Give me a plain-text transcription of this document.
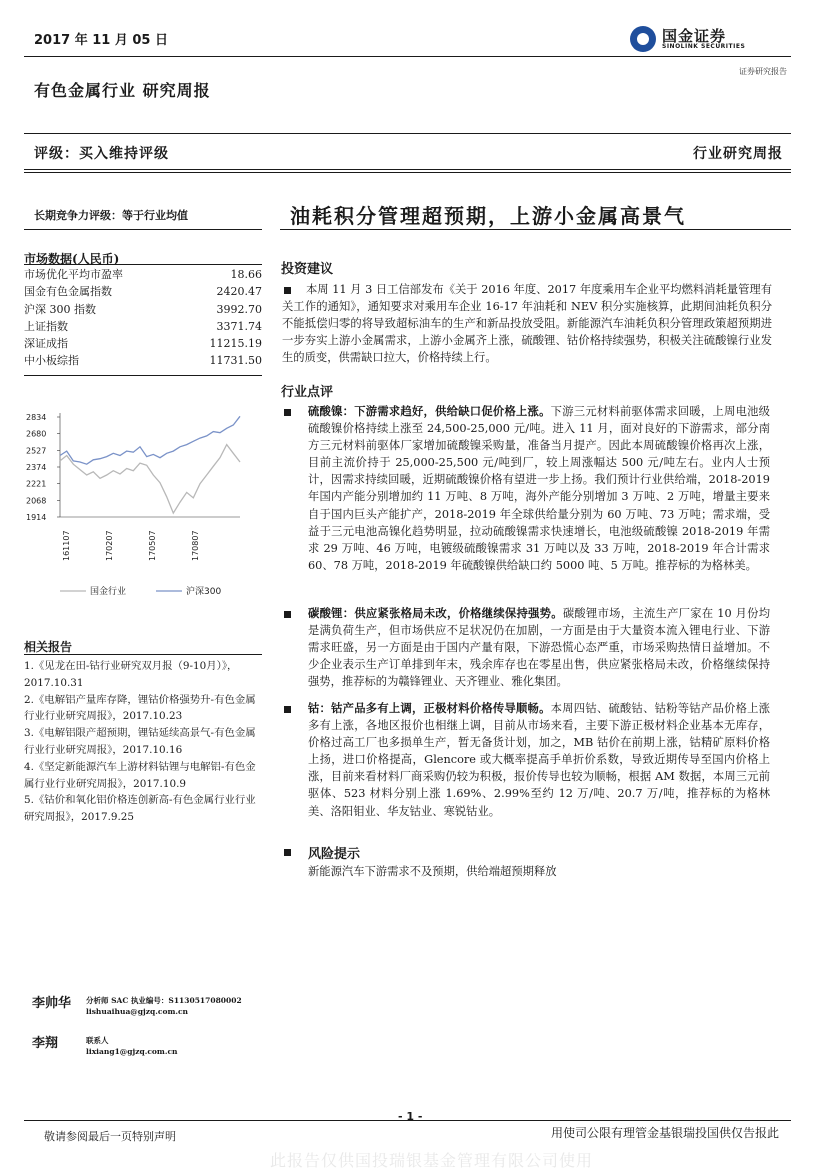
2017 年 11 月 05 日	国金证券
SINOLINK SECURITIES
证券研究报告
有色金属行业 研究周报
评级：买入维持评级	行业研究周报
长期竞争力评级：等于行业均值
市场数据(人民币)
市场优化平均市盈率	18.66
国金有色金属指数	2420.47
沪深 300 指数	3992.70
上证指数	3371.74
深证成指	11215.19
中小板综指	11731.50
2834
2680
2527
2374
2221
2068
1914
161107	170207	170507	170807
国金行业	沪深300
相关报告
1.《见龙在田-钴行业研究双月报（9-10月）》，2017.10.31
2.《电解铝产量库存降，锂钴价格强势升-有色金属行业行业研究周报》，2017.10.23
3.《电解铝限产超预期，锂钴延续高景气-有色金属行业行业研究周报》，2017.10.16
4.《坚定新能源汽车上游材料钴锂与电解铝-有色金属行业行业研究周报》，2017.10.9
5.《钴价和氧化铝价格连创新高-有色金属行业行业研究周报》，2017.9.25
油耗积分管理超预期，上游小金属高景气
投资建议
本周 11 月 3 日工信部发布《关于 2016 年度、2017 年度乘用车企业平均燃料消耗量管理有关工作的通知》，通知要求对乘用车企业 16-17 年油耗和 NEV 积分实施核算，此期间油耗负积分不能抵偿归零的将导致超标油车的生产和新品投放受阻。新能源汽车油耗负积分管理政策超预期进一步夯实上游小金属需求，上游小金属齐上涨，硫酸锂、钴价格持续强势，积极关注硫酸镍行业发生的质变，供需缺口拉大，价格持续上行。
行业点评
硫酸镍：下游需求趋好，供给缺口促价格上涨。下游三元材料前驱体需求回暖，上周电池级硫酸镍价格持续上涨至 24,500-25,000 元/吨。进入 11 月，面对良好的下游需求，部分南方三元材料前驱体厂家增加硫酸镍采购量，准备当月提产。因此本周硫酸镍价格再次上涨，目前主流价持于 25,000-25,500 元/吨到厂，较上周涨幅达 500 元/吨左右。业内人士预计，因需求持续回暖，近期硫酸镍价格有望进一步上扬。我们预计行业供给端，2018-2019 年国内产能分别增加约 11 万吨、8 万吨，海外产能分别增加 3 万吨、2 万吨，增量主要来自于国内巨头产能扩产，2018-2019 年全球供给量分别为 60 万吨、73 万吨；需求端，受益于三元电池高镍化趋势明显，拉动硫酸镍需求快速增长，电池级硫酸镍 2018-2019 年需求 29 万吨、46 万吨，电镀级硫酸镍需求 31 万吨以及 33 万吨，2018-2019 年合计需求 60、78 万吨，2018-2019 年硫酸镍供给缺口约 5000 吨、5 万吨。推荐标的为格林美。
碳酸锂：供应紧张格局未改，价格继续保持强势。碳酸锂市场，主流生产厂家在 10 月份均是满负荷生产，但市场供应不足状况仍在加剧，一方面是由于大量资本流入锂电行业、下游需求旺盛，另一方面是由于国内产量有限，下游恐慌心态严重，市场采购热情日益增加。不少企业表示生产订单排到年末，残余库存也在零星出售，供应紧张格局未改，价格继续保持强势，推荐标的为赣锋锂业、天齐锂业、雅化集团。
钴：钴产品多有上调，正极材料价格传导顺畅。本周四钴、硫酸钴、钴粉等钴产品价格上涨多有上涨，各地区报价也相继上调，目前从市场来看，主要下游正极材料企业基本无库存，价格过高工厂也多损单生产，暂无备货计划，加之，MB 钴价在前期上涨，钴精矿原料价格上扬，进口价格提高，Glencore 或大概率提高手单折价系数，导致近期传导至国内价格上涨，目前来看材料厂商采购仍较为积极，报价传导也较为顺畅，根据 AM 数据，本周三元前驱体、523 材料分别上涨 1.69%、2.99%至约 12 万/吨、20.7 万/吨，推荐标的为格林美、洛阳钼业、华友钴业、寒锐钴业。
风险提示
新能源汽车下游需求不及预期，供给端超预期释放
李帅华 分析师 SAC 执业编号：S1130517080002
lishuaihua@gjzq.com.cn
李翔	联系人
lixiang1@gjzq.com.cn
- 1 -
敬请参阅最后一页特别声明	用使司公限有理管金基银瑞投国供仅告报此
此报告仅供国投瑞银基金管理有限公司使用
